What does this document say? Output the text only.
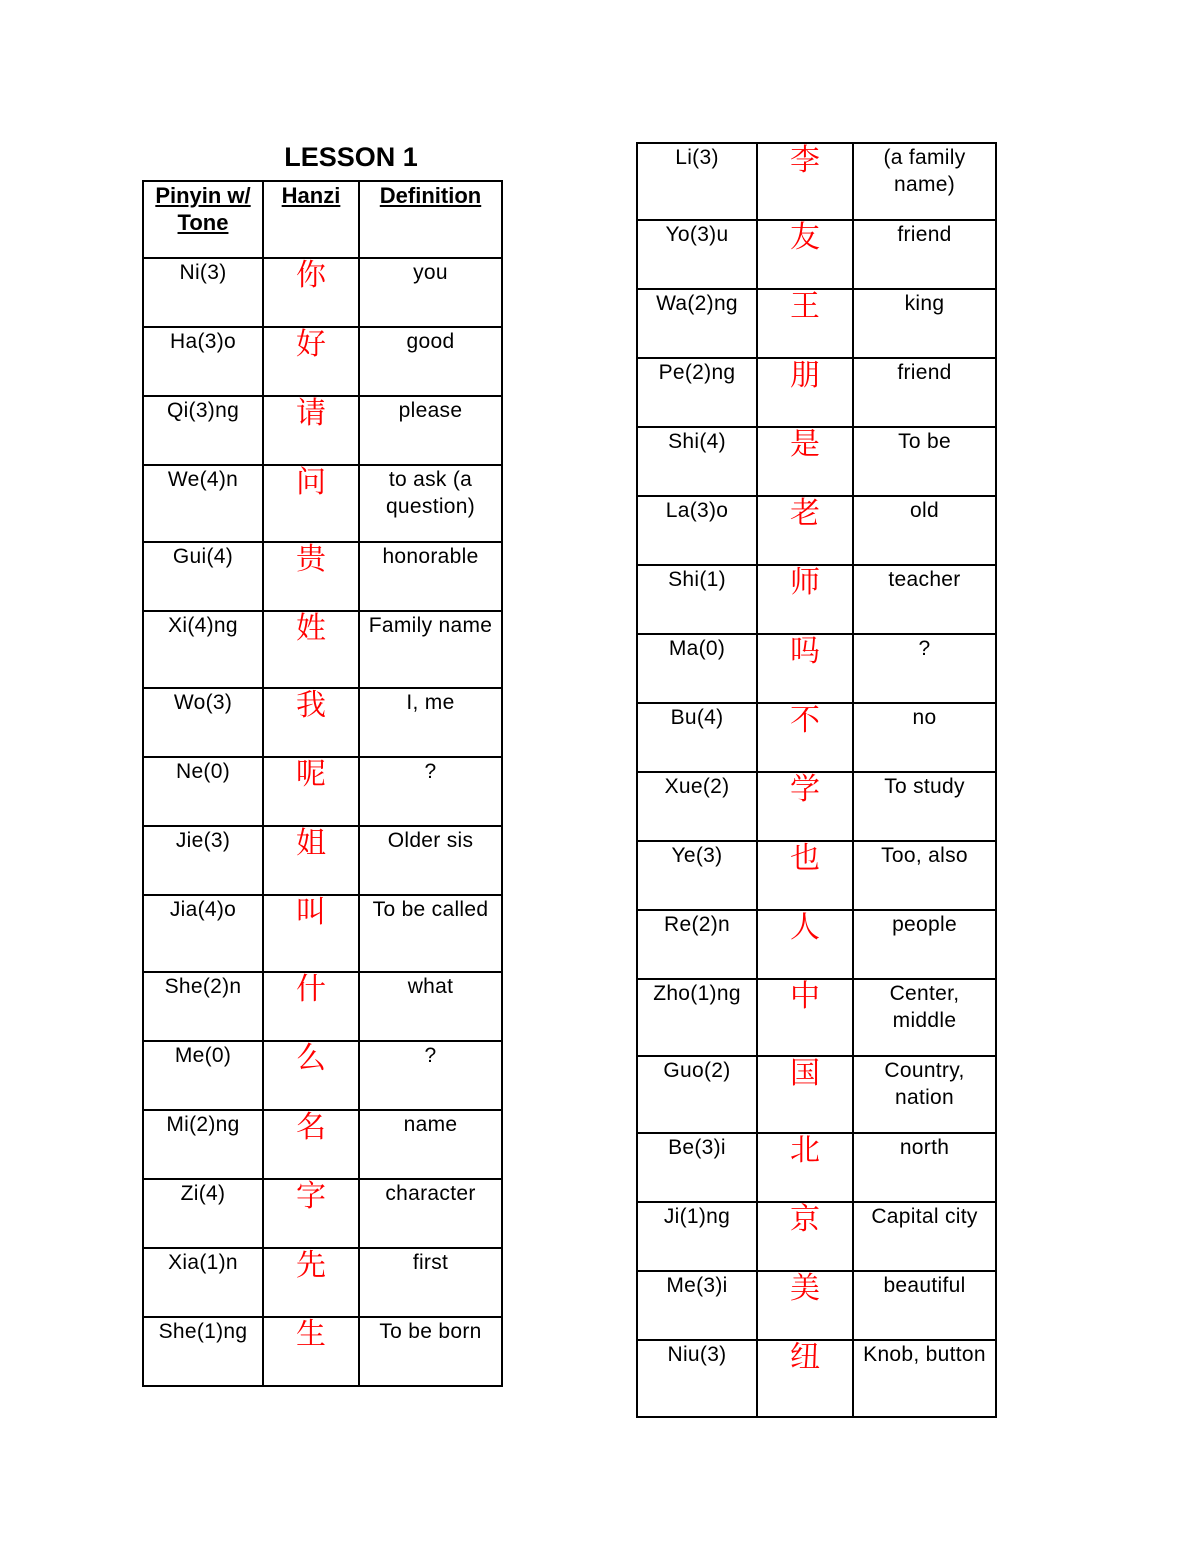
LESSON 1
Pinyin w/ Tone	Hanzi	Definition
Ni(3)	你	you
Ha(3)o	好	good
Qi(3)ng	请	please
We(4)n	问	to ask (a question)
Gui(4)	贵	honorable
Xi(4)ng	姓	Family name
Wo(3)	我	I, me
Ne(0)	呢	?
Jie(3)	姐	Older sis
Jia(4)o	叫	To be called
She(2)n	什	what
Me(0)	么	?
Mi(2)ng	名	name
Zi(4)	字	character
Xia(1)n	先	first
She(1)ng	生	To be born
Li(3)	李	(a family name)
Yo(3)u	友	friend
Wa(2)ng	王	king
Pe(2)ng	朋	friend
Shi(4)	是	To be
La(3)o	老	old
Shi(1)	师	teacher
Ma(0)	吗	?
Bu(4)	不	no
Xue(2)	学	To study
Ye(3)	也	Too, also
Re(2)n	人	people
Zho(1)ng	中	Center, middle
Guo(2)	国	Country, nation
Be(3)i	北	north
Ji(1)ng	京	Capital city
Me(3)i	美	beautiful
Niu(3)	纽	Knob, button
